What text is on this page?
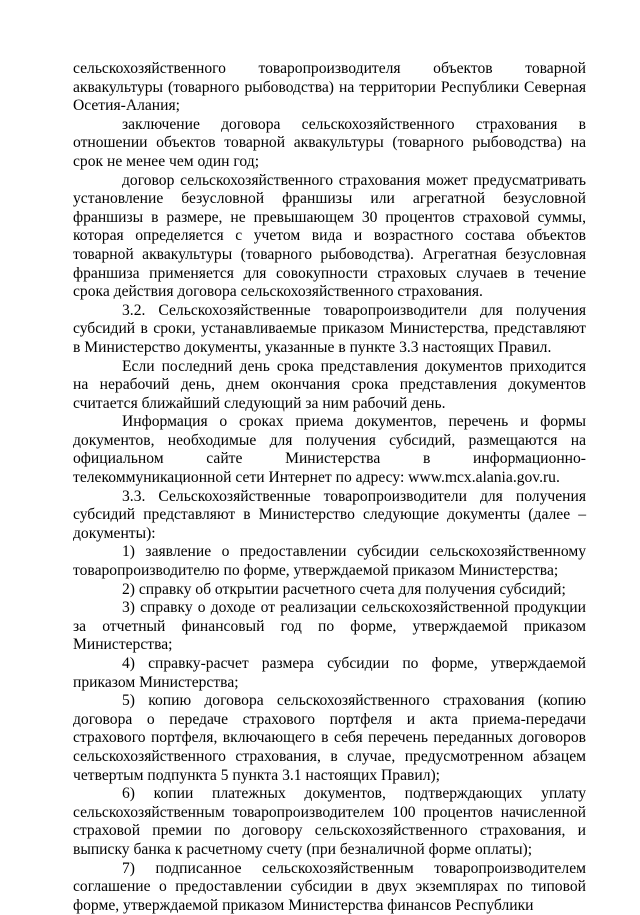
сельскохозяйственного товаропроизводителя объектов товарной аквакультуры (товарного рыбоводства) на территории Республики Северная Осетия-Алания;

заключение договора сельскохозяйственного страхования в отношении объектов товарной аквакультуры (товарного рыбоводства) на срок не менее чем один год;

договор сельскохозяйственного страхования может предусматривать установление безусловной франшизы или агрегатной безусловной франшизы в размере, не превышающем 30 процентов страховой суммы, которая определяется с учетом вида и возрастного состава объектов товарной аквакультуры (товарного рыбоводства). Агрегатная безусловная франшиза применяется для совокупности страховых случаев в течение срока действия договора сельскохозяйственного страхования.

3.2. Сельскохозяйственные товаропроизводители для получения субсидий в сроки, устанавливаемые приказом Министерства, представляют в Министерство документы, указанные в пункте 3.3 настоящих Правил.

Если последний день срока представления документов приходится на нерабочий день, днем окончания срока представления документов считается ближайший следующий за ним рабочий день.

Информация о сроках приема документов, перечень и формы документов, необходимые для получения субсидий, размещаются на официальном сайте Министерства в информационно-телекоммуникационной сети Интернет по адресу: www.mcx.alania.gov.ru.

3.3. Сельскохозяйственные товаропроизводители для получения субсидий представляют в Министерство следующие документы (далее – документы):

1) заявление о предоставлении субсидии сельскохозяйственному товаропроизводителю по форме, утверждаемой приказом Министерства;

2) справку об открытии расчетного счета для получения субсидий;

3) справку о доходе от реализации сельскохозяйственной продукции за отчетный финансовый год по форме, утверждаемой приказом Министерства;

4) справку-расчет размера субсидии по форме, утверждаемой приказом Министерства;

5) копию договора сельскохозяйственного страхования (копию договора о передаче страхового портфеля и акта приема-передачи страхового портфеля, включающего в себя перечень переданных договоров сельскохозяйственного страхования, в случае, предусмотренном абзацем четвертым подпункта 5 пункта 3.1 настоящих Правил);

6) копии платежных документов, подтверждающих уплату сельскохозяйственным товаропроизводителем 100 процентов начисленной страховой премии по договору сельскохозяйственного страхования, и выписку банка к расчетному счету (при безналичной форме оплаты);

7) подписанное сельскохозяйственным товаропроизводителем соглашение о предоставлении субсидии в двух экземплярах по типовой форме, утверждаемой приказом Министерства финансов Республики
